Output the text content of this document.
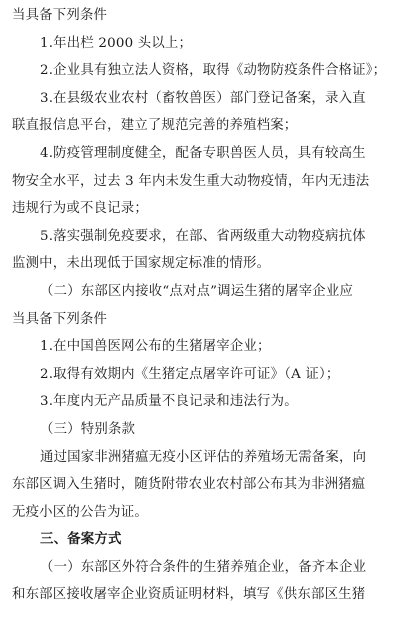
当具备下列条件
1.年出栏 2000 头以上；
2.企业具有独立法人资格，取得《动物防疫条件合格证》；
3.在县级农业农村（畜牧兽医）部门登记备案，录入直
联直报信息平台，建立了规范完善的养殖档案；
4.防疫管理制度健全，配备专职兽医人员，具有较高生
物安全水平，过去 3 年内未发生重大动物疫情，年内无违法
违规行为或不良记录；
5.落实强制免疫要求，在部、省两级重大动物疫病抗体
监测中，未出现低于国家规定标准的情形。
（二）东部区内接收“点对点”调运生猪的屠宰企业应
当具备下列条件
1.在中国兽医网公布的生猪屠宰企业；
2.取得有效期内《生猪定点屠宰许可证》（A 证）；
3.年度内无产品质量不良记录和违法行为。
（三）特别条款
通过国家非洲猪瘟无疫小区评估的养殖场无需备案，向
东部区调入生猪时，随货附带农业农村部公布其为非洲猪瘟
无疫小区的公告为证。
三、备案方式
（一）东部区外符合条件的生猪养殖企业，备齐本企业
和东部区接收屠宰企业资质证明材料，填写《供东部区生猪
